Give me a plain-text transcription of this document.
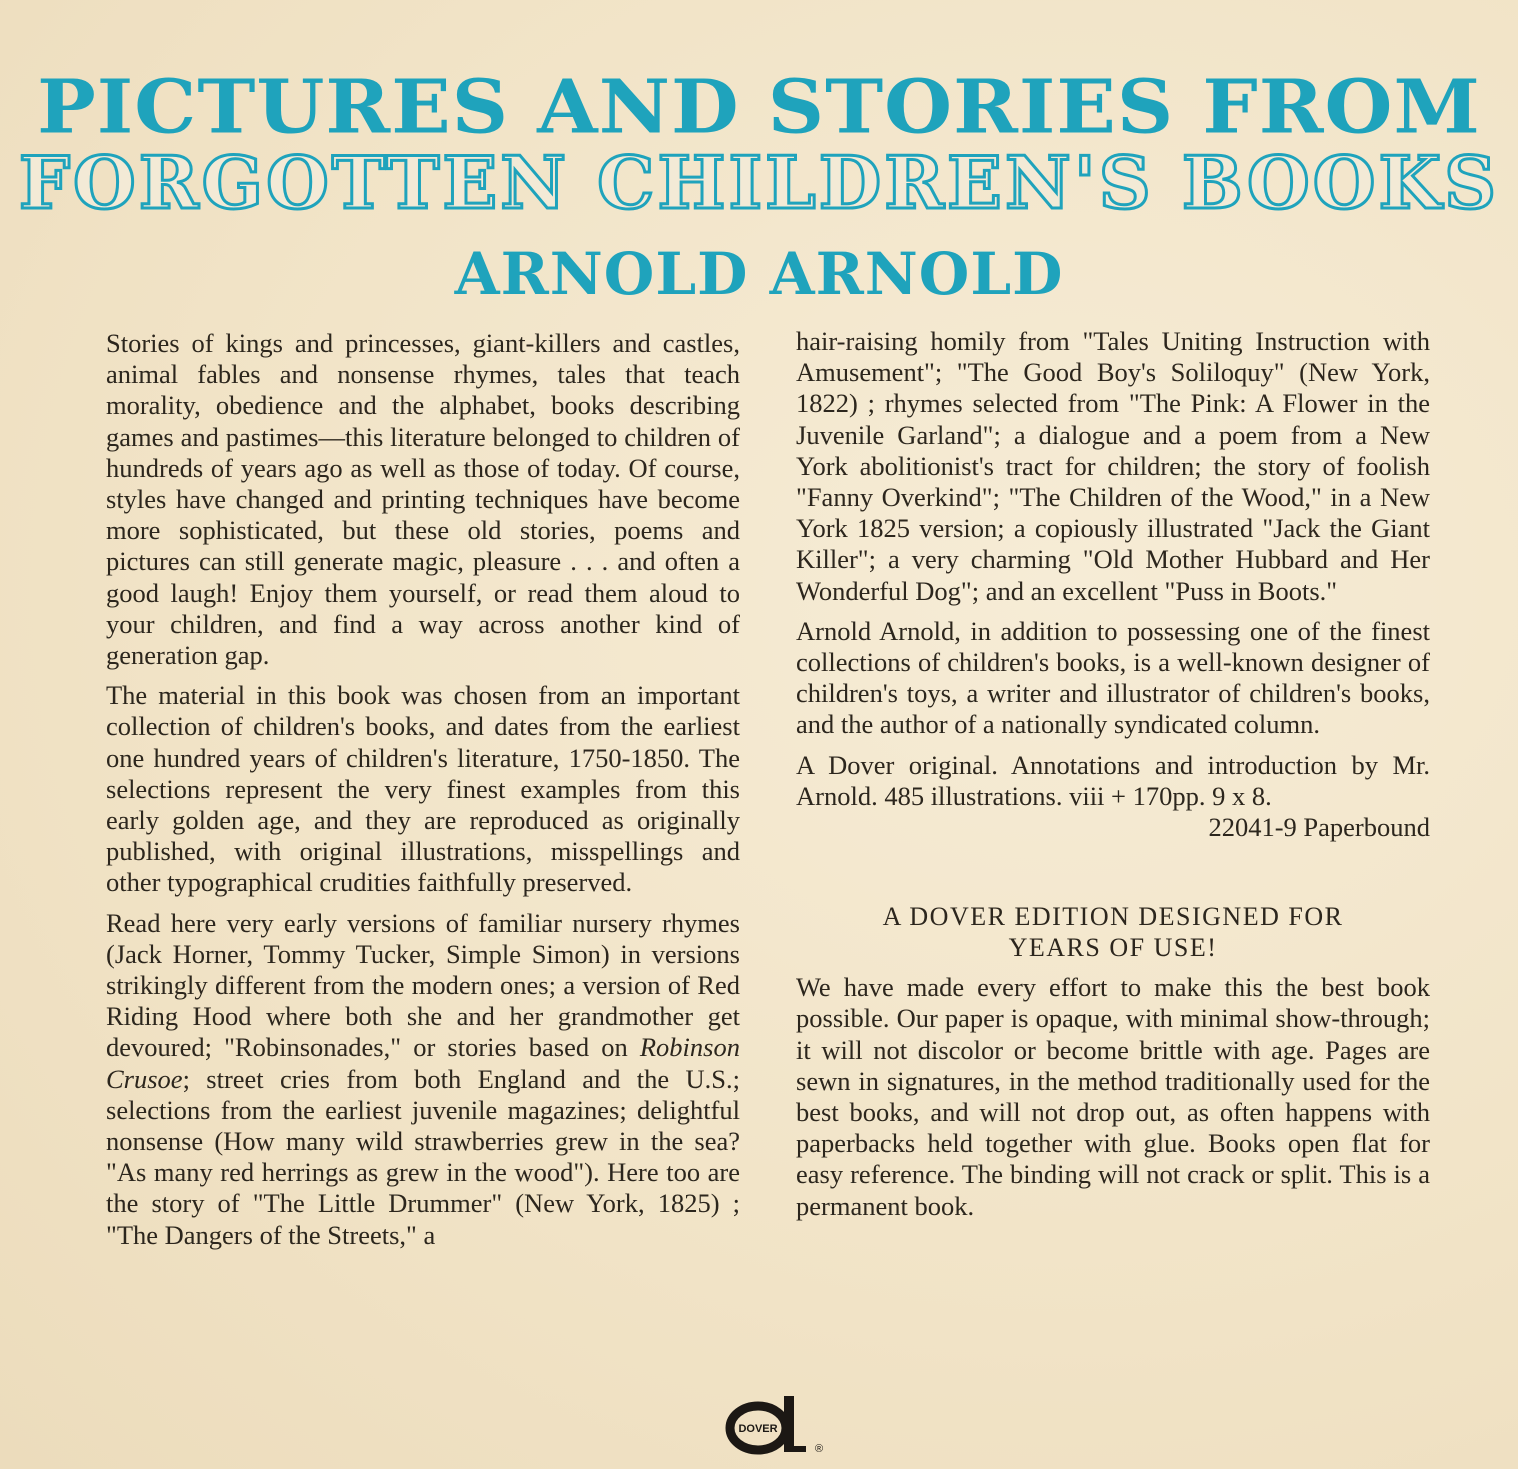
PICTURES AND STORIES FROM
FORGOTTEN CHILDREN'S BOOKS
ARNOLD ARNOLD

Stories of kings and princesses, giant-killers and castles, animal fables and nonsense rhymes, tales that teach morality, obedience and the alphabet, books describing games and pastimes—this literature belonged to children of hundreds of years ago as well as those of today. Of course, styles have changed and printing techniques have become more sophisticated, but these old stories, poems and pictures can still generate magic, pleasure . . . and often a good laugh! Enjoy them yourself, or read them aloud to your children, and find a way across another kind of generation gap.

The material in this book was chosen from an important collection of children's books, and dates from the earliest one hundred years of children's literature, 1750-1850. The selections represent the very finest examples from this early golden age, and they are reproduced as originally published, with original illustrations, misspellings and other typographical crudities faithfully preserved.

Read here very early versions of familiar nursery rhymes (Jack Horner, Tommy Tucker, Simple Simon) in versions strikingly different from the modern ones; a version of Red Riding Hood where both she and her grandmother get devoured; "Robinsonades," or stories based on Robinson Crusoe; street cries from both England and the U.S.; selections from the earliest juvenile magazines; delightful nonsense (How many wild strawberries grew in the sea? "As many red herrings as grew in the wood"). Here too are the story of "The Little Drummer" (New York, 1825) ; "The Dangers of the Streets," a

hair-raising homily from "Tales Uniting Instruction with Amusement"; "The Good Boy's Soliloquy" (New York, 1822) ; rhymes selected from "The Pink: A Flower in the Juvenile Garland"; a dialogue and a poem from a New York abolitionist's tract for children; the story of foolish "Fanny Overkind"; "The Children of the Wood," in a New York 1825 version; a copiously illustrated "Jack the Giant Killer"; a very charming "Old Mother Hubbard and Her Wonderful Dog"; and an excellent "Puss in Boots."

Arnold Arnold, in addition to possessing one of the finest collections of children's books, is a well-known designer of children's toys, a writer and illustrator of children's books, and the author of a nationally syndicated column.

A Dover original. Annotations and introduction by Mr. Arnold. 485 illustrations. viii + 170pp. 9 x 8.

22041-9 Paperbound
A DOVER EDITION DESIGNED FOR
YEARS OF USE!

We have made every effort to make this the best book possible. Our paper is opaque, with minimal show-through; it will not discolor or become brittle with age. Pages are sewn in signatures, in the method traditionally used for the best books, and will not drop out, as often happens with paperbacks held together with glue. Books open flat for easy reference. The binding will not crack or split. This is a permanent book.

DOVER
®
